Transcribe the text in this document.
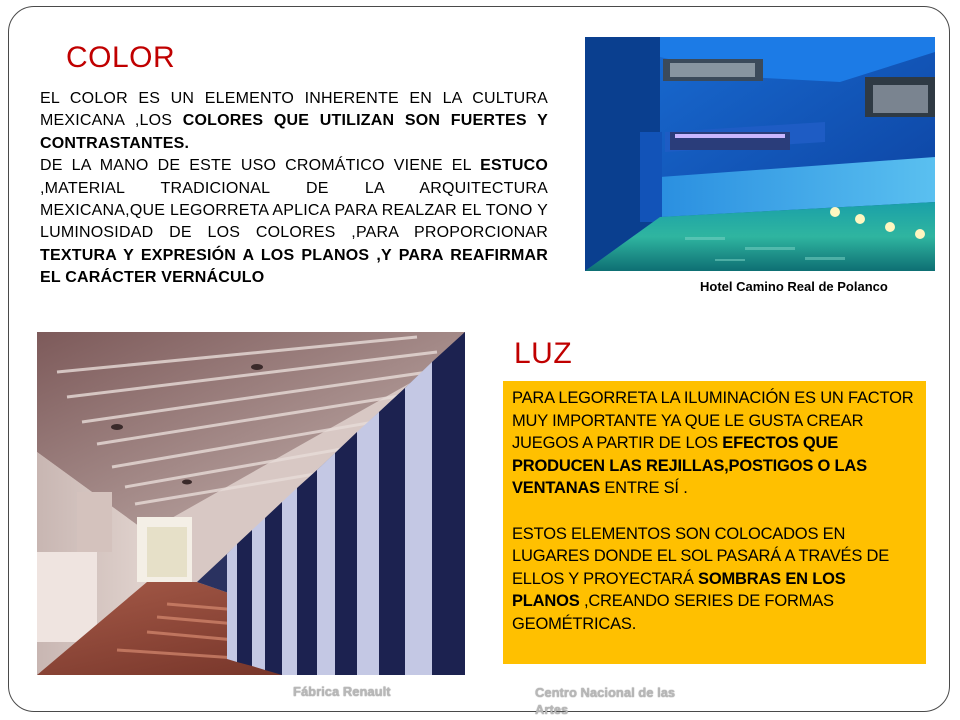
COLOR

EL COLOR ES UN ELEMENTO INHERENTE EN LA CULTURA MEXICANA ,LOS COLORES QUE UTILIZAN SON FUERTES Y CONTRASTANTES.

DE LA MANO DE ESTE USO CROMÁTICO VIENE EL ESTUCO ,MATERIAL TRADICIONAL DE LA ARQUITECTURA MEXICANA,QUE LEGORRETA APLICA PARA REALZAR EL TONO Y LUMINOSIDAD DE LOS COLORES ,PARA PROPORCIONAR TEXTURA Y EXPRESIÓN A LOS PLANOS ,Y PARA REAFIRMAR EL CARÁCTER VERNÁCULO

Hotel Camino Real de Polanco
LUZ

PARA LEGORRETA LA ILUMINACIÓN ES UN FACTOR MUY IMPORTANTE YA QUE LE GUSTA CREAR JUEGOS A PARTIR DE LOS EFECTOS QUE PRODUCEN LAS REJILLAS,POSTIGOS O LAS VENTANAS ENTRE SÍ .

ESTOS ELEMENTOS SON COLOCADOS EN LUGARES DONDE EL SOL PASARÁ A TRAVÉS DE ELLOS Y PROYECTARÁ SOMBRAS EN LOS PLANOS ,CREANDO SERIES DE FORMAS GEOMÉTRICAS.

Fábrica Renault	Centro Nacional de las Artes
